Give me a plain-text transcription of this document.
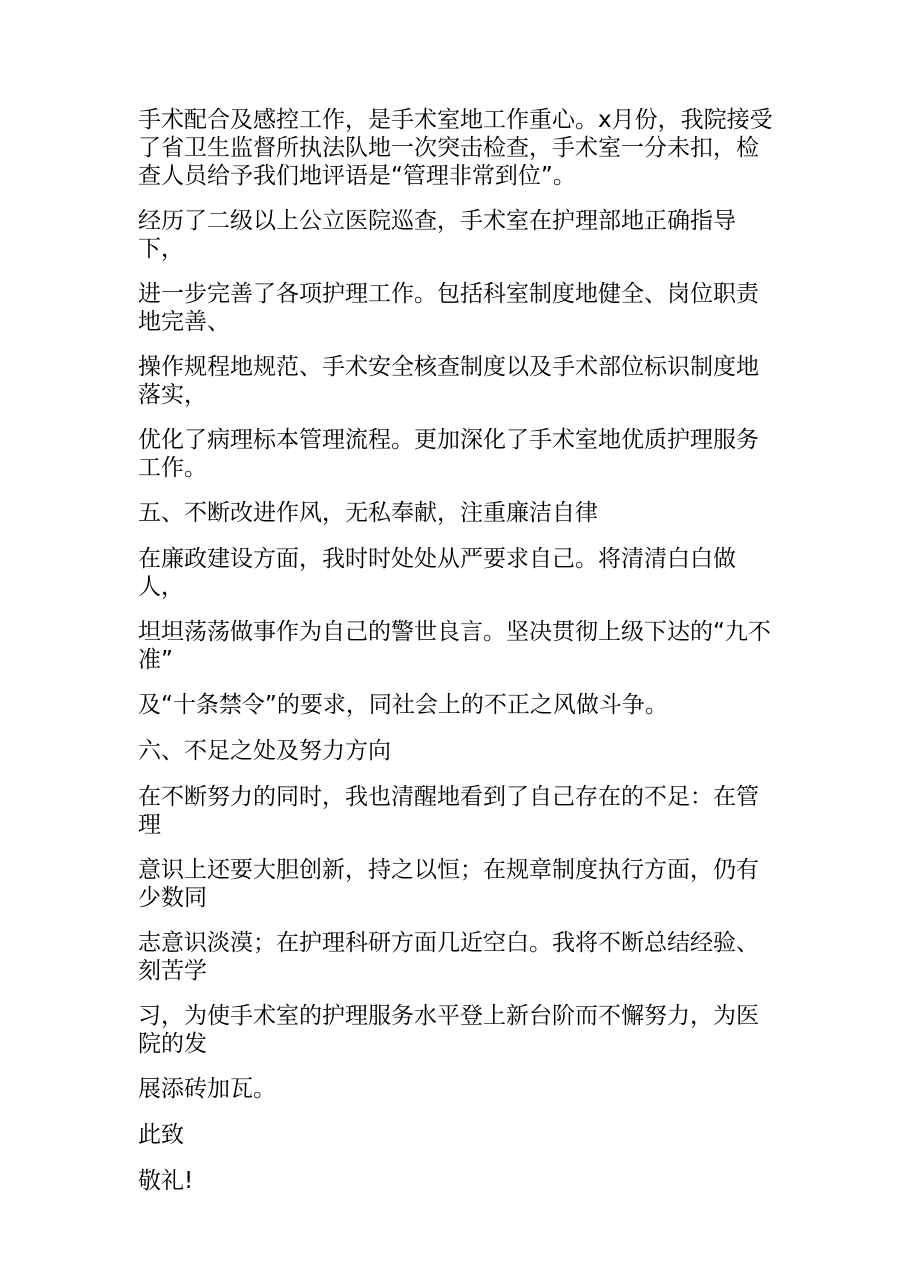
手术配合及感控工作，是手术室地工作重心。x月份，我院接受了省卫生监督所执法队地一次突击检查，手术室一分未扣，检查人员给予我们地评语是“管理非常到位”。

经历了二级以上公立医院巡查，手术室在护理部地正确指导下，

进一步完善了各项护理工作。包括科室制度地健全、岗位职责地完善、

操作规程地规范、手术安全核查制度以及手术部位标识制度地落实，

优化了病理标本管理流程。更加深化了手术室地优质护理服务工作。

五、不断改进作风，无私奉献，注重廉洁自律

在廉政建设方面，我时时处处从严要求自己。将清清白白做人，

坦坦荡荡做事作为自己的警世良言。坚决贯彻上级下达的“九不准”

及“十条禁令”的要求，同社会上的不正之风做斗争。

六、不足之处及努力方向

在不断努力的同时，我也清醒地看到了自己存在的不足：在管理

意识上还要大胆创新，持之以恒；在规章制度执行方面，仍有少数同

志意识淡漠；在护理科研方面几近空白。我将不断总结经验、刻苦学

习，为使手术室的护理服务水平登上新台阶而不懈努力，为医院的发

展添砖加瓦。

此致

敬礼!
